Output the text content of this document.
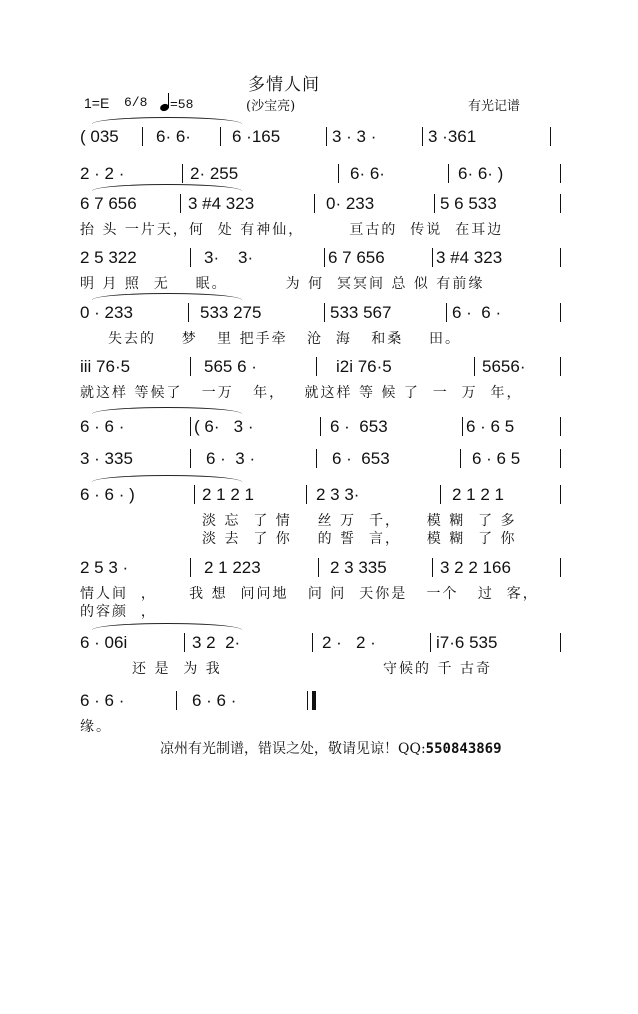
多情人间
1=E 6/8	=58	(沙宝亮)	有光记谱
( 035 6· 6· 6 ·165	3 · 3 ·	3 ·361
2 · 2 ·	2· 255	6· 6·	6· 6· )
6 7 656	3 #4 323	0· 233	5 6 533
抬 头 一片天，何  处 有神仙，       亘古的  传说  在耳边
2 5 322	3·    3·	6 7 656	3 #4 323
明 月 照  无    眠。         为 何  冥冥间 总 似 有前缘
0 · 233	533 275	533 567	6 ·  6 ·
失去的    梦   里 把手牵   沧  海   和桑    田。
iii 76·5	565 6 ·	i2i 76·5	5656·
就这样 等候了   一万   年，   就这样 等 候 了  一  万  年，
6 · 6 ·	( 6·   3 ·	6 ·  653	6 · 6 5
3 · 335	6 ·  3 ·	6 ·  653	6 · 6 5
6 · 6 · )	2 1 2 1	2 3 3·	2 1 2 1
淡 忘  了 情    丝 万  千，    模 糊  了 多
淡 去  了 你    的 誓  言，    模 糊  了 你
2 5 3 ·	2 1 223	2 3 335	3 2 2 166
情人间  ，     我 想  问问地   问 问  天你是   一个   过  客，
的容颜  ，
6 · 06i	3 2  2·	2 ·   2 ·	i7·6 535
还 是  为 我                         守候的 千 古奇
6 · 6 ·	6 · 6 ·
缘。
凉州有光制谱，错误之处，敬请见谅！QQ:550843869
